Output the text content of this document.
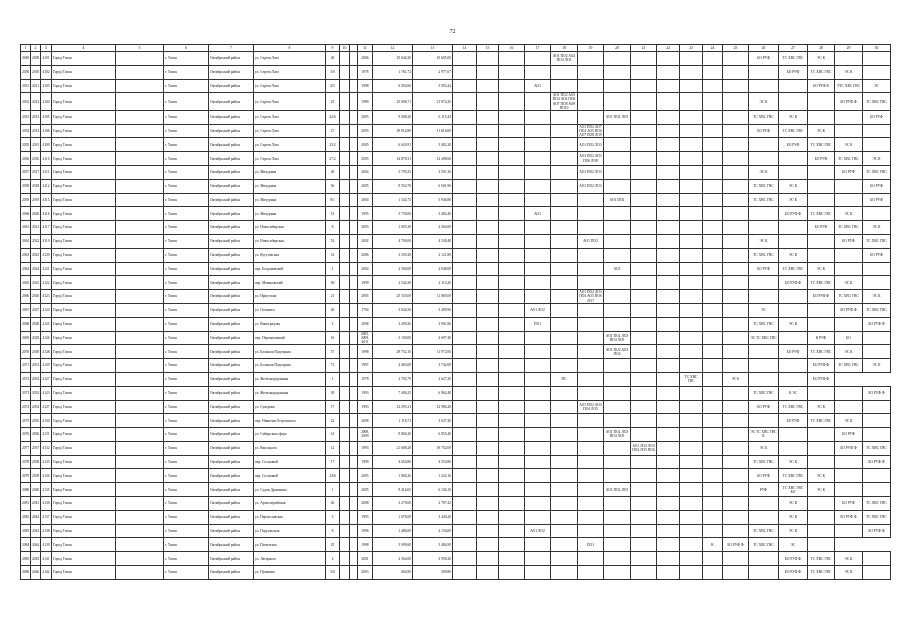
72
1	2	3	4	5	6	7	8	9	10		11	12	13	14	15	16	17	18	19	20	21	22	23	24	25	26	27	28	29	30
2049	2009	4101	Город Томск		г. Томск	Октябрьский район	ул. Сергея Лазо	26			2006	25 644,20	10 605,00					АО1 ПО2 АО2 ПО4 ЛО3								БО РУФ	ТС ХВС ГВС	ЭС К		
2050	2010	4102	Город Томск		г. Томск	Октябрьский район	ул. Сергея Лазо	3/6			1976	1 761,72	2 977,67														БО РУФ	ТС ХВС ГВС	ЭС К	
2051	2011	4103	Город Томск		г. Томск	Октябрьский район	ул. Сергея Лазо	4/5			1998	6 003,60	5 003,44				АО1											БО РУФ К	ЭТС ХВС ГВС	ЭС
2052	2012	4104	Город Томск		г. Томск	Октябрьский район	ул. Сергея Лазо	25			1989	25 696,71	21 874,20					АО1 ПО2 АО3 ПО4 АО2 ПО6 АО7 ПО8 АО9 ПО10								ЭС К			БО РУФ Ф	ТС ХВС ГВС
2053	2013	4105	Город Томск		г. Томск	Октябрьский район	ул. Сергея Лазо	22/6			2005	9 608,20	6 115,44							АО1 ПО2 ЛО3						ТС ХВС ГВС	ЭС К			БО РУФ
2054	2014	4106	Город Томск		г. Томск	Октябрьский район	ул. Сергея Лазо	27			2005	29 914,80	11 816,00						АО1 ПО2 АО7 ПО4 АО5 ПО6 АО7 ПО8 ЛО9							БО РУФ	ТС ХВС ГВС	ЭС К		
2055	2015	4109	Город Томск		г. Томск	Октябрьский район	ул. Сергея Лазо	23/2			2005	6 620,91	5 082,20						АО1 ПО2 ЛО3								БО РУФ	ТС ХВС ГВС	ЭС К	
2056	2016	4110	Город Томск		г. Томск	Октябрьский район	ул. Сергея Лазо	27/2			2005	24 878,31	12 498,60						АО1 ПО2 АО3 ПО6 ЛО8									БО РУФ	ТС ХВС ГВС	ЭС К
2057	2017	4111	Город Томск		г. Томск	Октябрьский район	ул. Мичурина	46			2004	5 709,25	2 501,30						АО1 ПО2 ЛО3							ЭС К			БО РУФ	ТС ХВС ГВС
2058	2018	4112	Город Томск		г. Томск	Октябрьский район	ул. Мичурина	56			2005	8 554,78	6 601,90						АО1 ПО2 ЛО3							ТС ХВС ГВС	ЭС К			БО РУФ
2059	2019	4115	Город Томск		г. Томск	Октябрьский район	ул. Мичурина	8/1			2004	1 344,75	5 946,80							АО1 ПО2						ТС ХВС ГВС	ЭС К			БО РУФ
2060	2020	4116	Город Томск		г. Томск	Октябрьский район	ул. Мичурина	51			1995	5 739,00	3 484,40				АО1										БО РУФ Ф	ТС ХВС ГВС	ЭС К	
2061	2021	4117	Город Томск		г. Томск	Октябрьский район	ул. Новосибирская	8			2003	1 605,30	4 564,00															БО РУФ	ТС ХВС ГВС	ЭС К
2062	2022	4119	Город Томск		г. Томск	Октябрьский район	ул. Новосибирская	52			2002	4 700,00	4 549,40						АО1 ПО2							ЭС К			БО РУФ	ТС ХВС ГВС
2063	2023	4120	Город Томск		г. Томск	Октябрьский район	ул. Кутузовская	14			2006	3 339,20	2 121,80													ТС ХВС ГВС	ЭС К			БО РУФ
2064	2024	4121	Город Томск		г. Томск	Октябрьский район	пер. Богдановский	1			2004	2 560,00	2 048,00							АО1						БО РУФ	ТС ХВС ГВС	ЭС К		
2065	2025	4122	Город Томск		г. Томск	Октябрьский район	пер. Маячковский	16/			1999	2 544,30	2 114,20														БО РУФ Ф	ТС ХВС ГВС	ЭС К	
2066	2026	4123	Город Томск		г. Томск	Октябрьский район	ул. Иркутская	21			2005	25 335,00	11 885,00						АО1 ПО2 АО3 ПО4 АО5 ПО6 ЛО7									БО РУФ Ф	ТС ХВС ГВС	ЭС К
2067	2027	4124	Город Томск		г. Томск	Октябрьский район	ул. Осеннего	26			1794	3 844,50	3 409,90				АО1 ЛО2									ЭС			БО РУФ Ф	ТС ХВС ГВС
2068	2028	4125	Город Томск		г. Томск	Октябрьский район	ул. Виноградова	2			2008	3 209,20	2 901,86				ПО1									ТС ХВС ГВС	ЭС К			БО РУФ Ф
2069	2029	4126	Город Томск		г. Томск	Октябрьский район	пер. Перевалочный	16			2005, 2009, 2011	3 100,00	4 697,40							АО1 ПО2 ЛО3 ПО4 ЛО5						ЭС ТС ХВС ГВС		К РУФ	БО	
2070	2030	4128	Город Томск		г. Томск	Октябрьский район	ул. Большая Подгорная	57			1998	29 752,10	11 972,00							АО1 ПО2 АО3 ПО4							БО РУФ	ТС ХВС ГВС	ЭС К	
2071	2031	4129	Город Томск		г. Томск	Октябрьский район	ул. Большая Подгорная	71			1997	4 465,00	3 742,00															БО РУФ Ф	ТС ХВС ГВС	ЭС К
2072	2032	4127	Город Томск		г. Томск	Октябрьский район	ул. Железнодорожная	1			1978	2 703,79	2 627,20					ПС					ТС ХВС ГВС		ЭС Б			БО РУФ Ф		
2073	2033	4123	Город Томск		г. Томск	Октябрьский район	ул. Железнодорожная	30			1993	7 406,25	6 862,40													ТС ХВС ГВС	К ЭС			БО РУФ Ф
2074	2034	4127	Город Томск		г. Томск	Октябрьский район	ул. Суворова	17			1993	23 295,31	12 986,20						АО1 ПО2 АО3 ПО4 ЛО5							БО РУФ	ТС ХВС ГВС	ЭС К		
2075	2035	4130	Город Томск		г. Томск	Октябрьский район	пер. Никитин Островского	22			2008	1 118,73	3 637,40														БО РУФ	ТС ХВС ГВС	ЭС К	
2076	2036	4131	Город Томск		г. Томск	Октябрьский район	ул. Сибирская сфера	14			2008, 2009	8 804,20	6 855,40							АО1 ПО2 ЛО3 ПО4 ЛО5						ЭС ТС ХВС ГВС К			БО РУФ	
2077	2037	4132	Город Томск		г. Томск	Октябрьский район	ул. Высоцкого	12			1993	21 608,20	19 752,00								АО1 ЛО2 ЛО3 ПО4 ЛО5 ПО6					ЭС Б			БО РУФ Ф	ТС ХВС ГВС
2078	2038	4133	Город Томск		г. Томск	Октябрьский район	пер. Сосновый	17			1999	4 654,80	4 353,80													ТС ХВС ГВС	ЭС К			БО РУФ Ф
2079	2039	4134	Город Томск		г. Томск	Октябрьский район	пер. Сосновый	24/6			2005	1 860,20	1 222,10													БО РУФ	ТС ХВС ГВС	ЭС К		
2080	2040	4135	Город Томск		г. Томск	Октябрьский район	ул. Судов Дрожжина	1			2005	9 416,65	6 136,10							АО1 ПО2 ЛО3						РУФ	ТС ХВС ГВС БО	ЭС К		
2081	2041	4136	Город Томск		г. Томск	Октябрьский район	ул. Артиллерийская	26			2008	3 278,00	2 787,42														ЭС К		БО РУФ	ТС ХВС ГВС
2082	2042	4137	Город Томск		г. Томск	Октябрьский район	ул. Переяславская	3			1993	1 678,00	3 440,20														ЭС К		БО РУФ Ф	ТС ХВС ГВС
2083	2043	4138	Город Томск		г. Томск	Октябрьский район	ул. Подгальская	8			1996	1 486,00	4 156,00				АО1 ЛО2									ТС ХВС ГВС	ЭС К			БО РУФ Ф
2084	2044	4139	Город Томск		г. Томск	Октябрьский район	ул. Пятилетки	25			1988	5 099,60	5 484,90						ПО1					К	БО РУФ Ф	ТС ХВС ГВС	ЭС			
2085	2045	4141	Город Томск		г. Томск	Октябрьский район	ул. Лагерного	2			2001	2 564,00	3 958,20														БО РУФ Ф	ТС ХВС ГВС	ЭС К	
2086	2046	4142	Город Томск		г. Томск	Октябрьский район	ул. Пушкина	3/6			2003	604,90	309,80														БО РУФ Ф	ТС ХВС ГВС	ЭС К	
